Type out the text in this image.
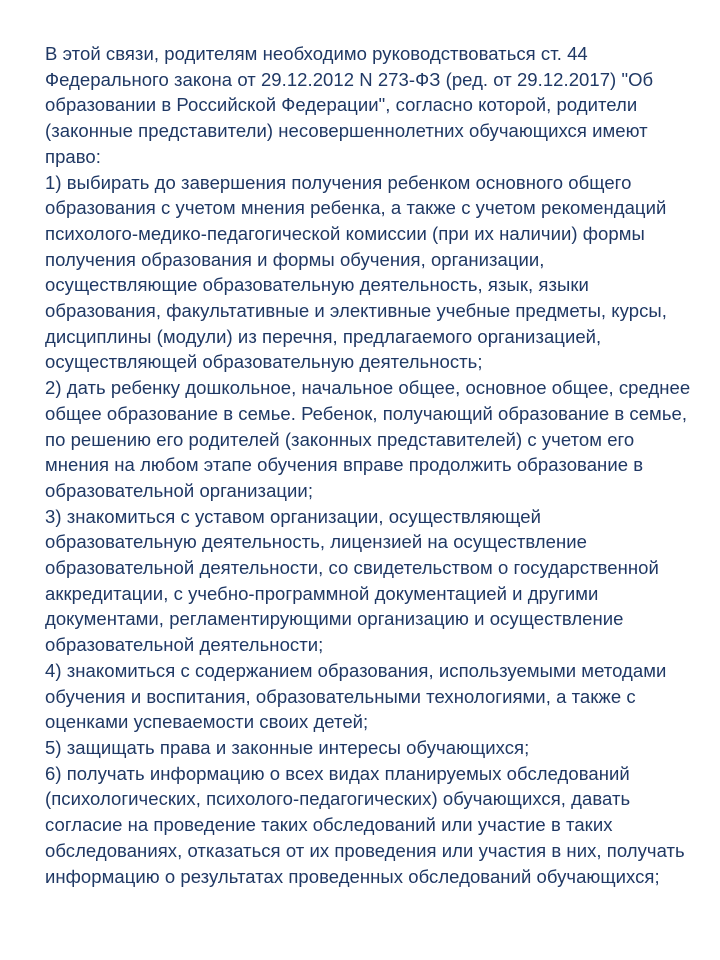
В этой связи, родителям необходимо руководствоваться ст. 44 Федерального закона от 29.12.2012 N 273-ФЗ (ред. от 29.12.2017) "Об образовании в Российской Федерации", согласно которой, родители (законные представители) несовершеннолетних обучающихся имеют право:

1) выбирать до завершения получения ребенком основного общего образования с учетом мнения ребенка, а также с учетом рекомендаций психолого-медико-педагогической комиссии (при их наличии) формы получения образования и формы обучения, организации, осуществляющие образовательную деятельность, язык, языки образования, факультативные и элективные учебные предметы, курсы, дисциплины (модули) из перечня, предлагаемого организацией, осуществляющей образовательную деятельность;

2) дать ребенку дошкольное, начальное общее, основное общее, среднее общее образование в семье. Ребенок, получающий образование в семье, по решению его родителей (законных представителей) с учетом его мнения на любом этапе обучения вправе продолжить образование в образовательной организации;

3) знакомиться с уставом организации, осуществляющей образовательную деятельность, лицензией на осуществление образовательной деятельности, со свидетельством о государственной аккредитации, с учебно-программной документацией и другими документами, регламентирующими организацию и осуществление образовательной деятельности;

4) знакомиться с содержанием образования, используемыми методами обучения и воспитания, образовательными технологиями, а также с оценками успеваемости своих детей;

5) защищать права и законные интересы обучающихся;

6) получать информацию о всех видах планируемых обследований (психологических, психолого-педагогических) обучающихся, давать согласие на проведение таких обследований или участие в таких обследованиях, отказаться от их проведения или участия в них, получать информацию о результатах проведенных обследований обучающихся;
